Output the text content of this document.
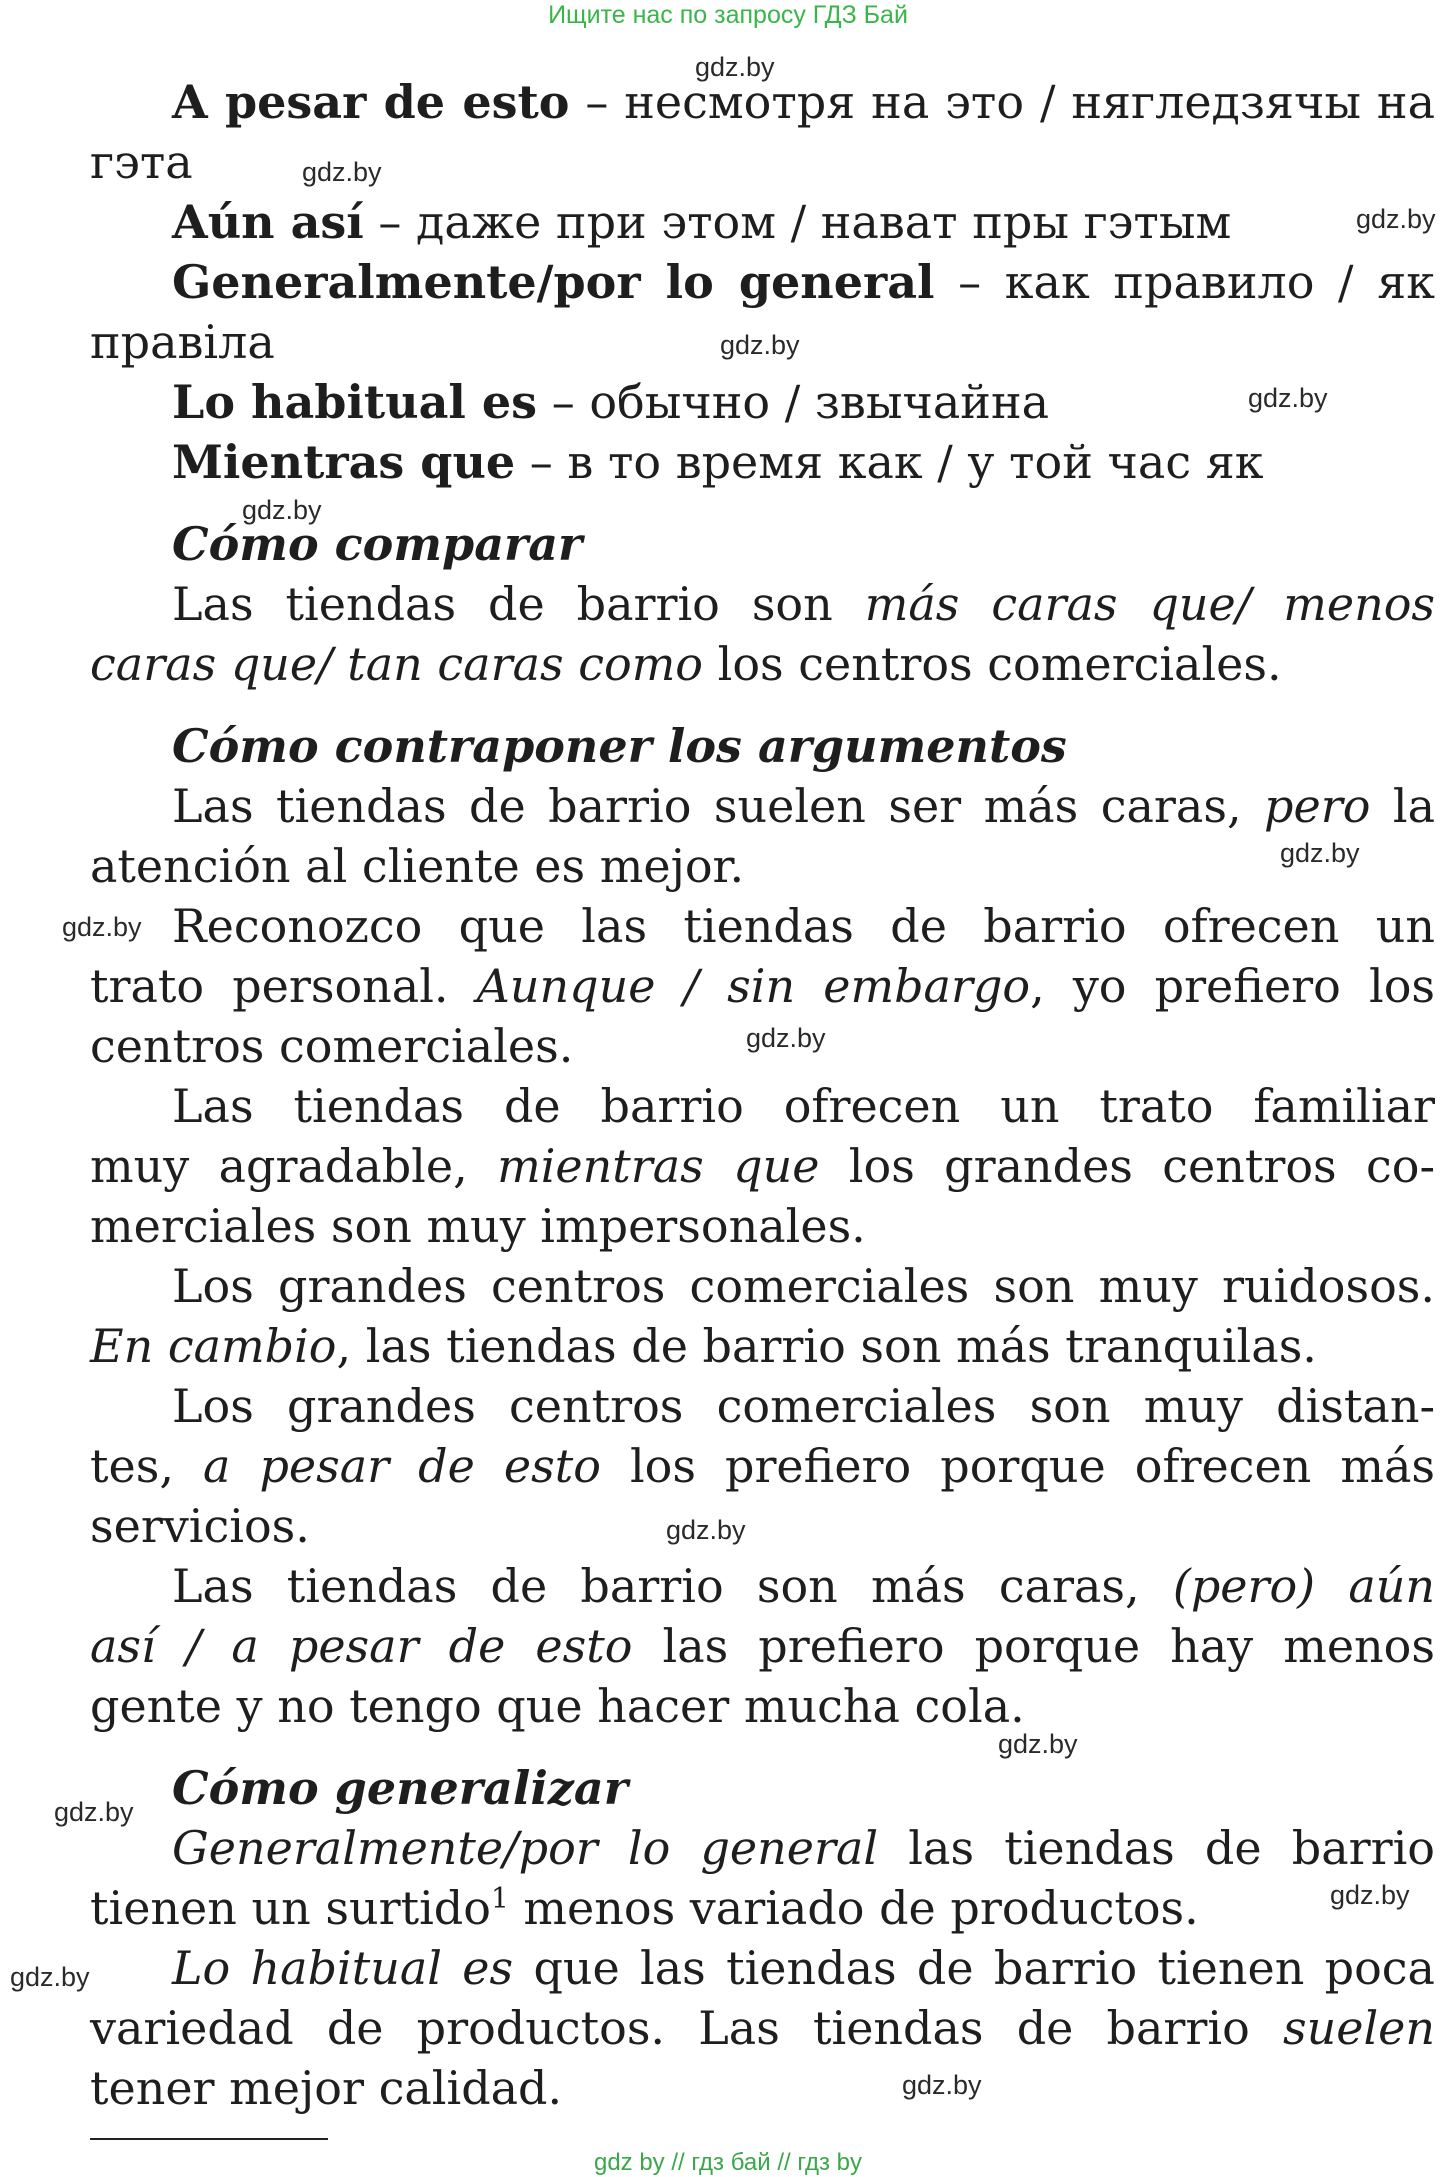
Ищите нас по запросу ГДЗ Бай
A pesar de esto – несмотря на это / нягледзячы на
гэта
Aún así – даже при этом / нават пры гэтым
Generalmente/por lo general – как правило / як
правіла
Lo habitual es – обычно / звычайна
Mientras que – в то время как / у той час як
Cómo comparar
Las tiendas de barrio son más caras que/ menos
caras que/ tan caras como los centros comerciales.
Cómo contraponer los argumentos
Las tiendas de barrio suelen ser más caras, pero la
atención al cliente es mejor.
Reconozco que las tiendas de barrio ofrecen un
trato personal. Aunque / sin embargo, yo prefiero los
centros comerciales.
Las tiendas de barrio ofrecen un trato familiar
muy agradable, mientras que los grandes centros co-
merciales son muy impersonales.
Los grandes centros comerciales son muy ruidosos.
En cambio, las tiendas de barrio son más tranquilas.
Los grandes centros comerciales son muy distan-
tes, a pesar de esto los prefiero porque ofrecen más
servicios.
Las tiendas de barrio son más caras, (pero) aún
así / a pesar de esto las prefiero porque hay menos
gente y no tengo que hacer mucha cola.
Cómo generalizar
Generalmente/por lo general las tiendas de barrio
tienen un surtido$^1$ menos variado de productos.
Lo habitual es que las tiendas de barrio tienen poca
variedad de productos. Las tiendas de barrio suelen
tener mejor calidad.
gdz.by
gdz.by
gdz.by
gdz.by
gdz.by
gdz.by
gdz.by
gdz.by
gdz.by
gdz.by
gdz.by
gdz.by
gdz.by
gdz.by
gdz.by
gdz by // гдз бай // гдз by
